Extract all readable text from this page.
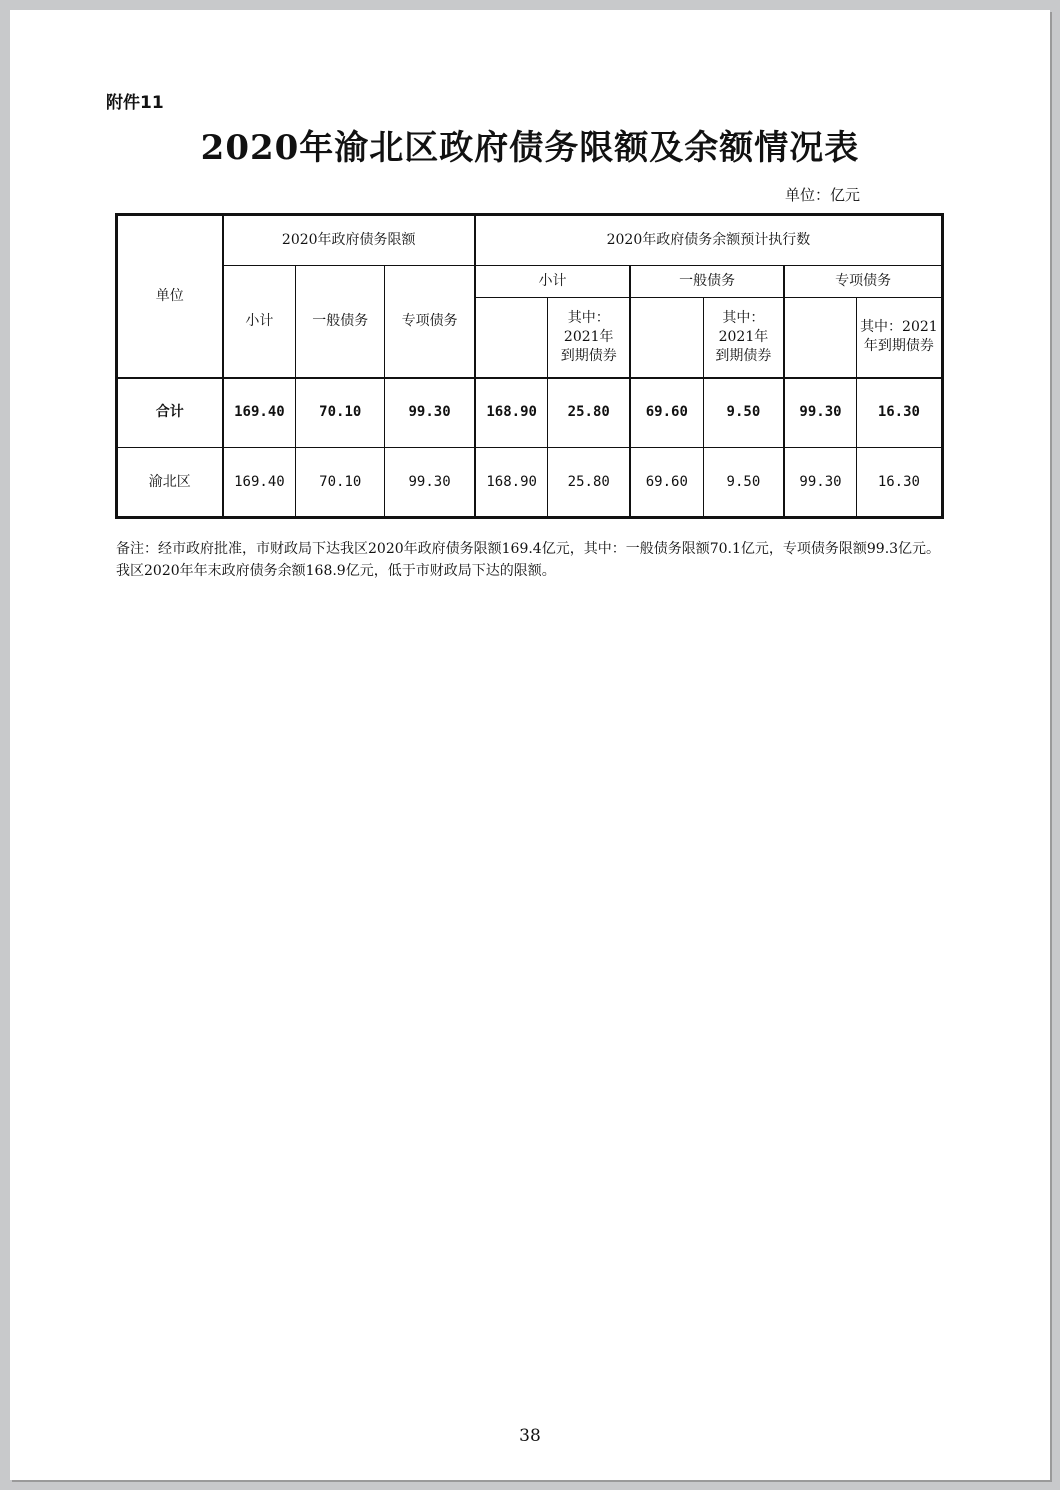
附件11
2020年渝北区政府债务限额及余额情况表
单位：亿元
单位	2020年政府债务限额			2020年政府债务余额预计执行数					
	小计	一般债务	专项债务	小计		一般债务		专项债务	
					其中：2021年到期债券		其中：2021年到期债券		其中：2021年到期债券
合计	169.40	70.10	99.30	168.90	25.80	69.60	9.50	99.30	16.30
渝北区	169.40	70.10	99.30	168.90	25.80	69.60	9.50	99.30	16.30
备注：经市政府批准，市财政局下达我区2020年政府债务限额169.4亿元，其中：一般债务限额70.1亿元，专项债务限额99.3亿元。我区2020年年末政府债务余额168.9亿元，低于市财政局下达的限额。
38
